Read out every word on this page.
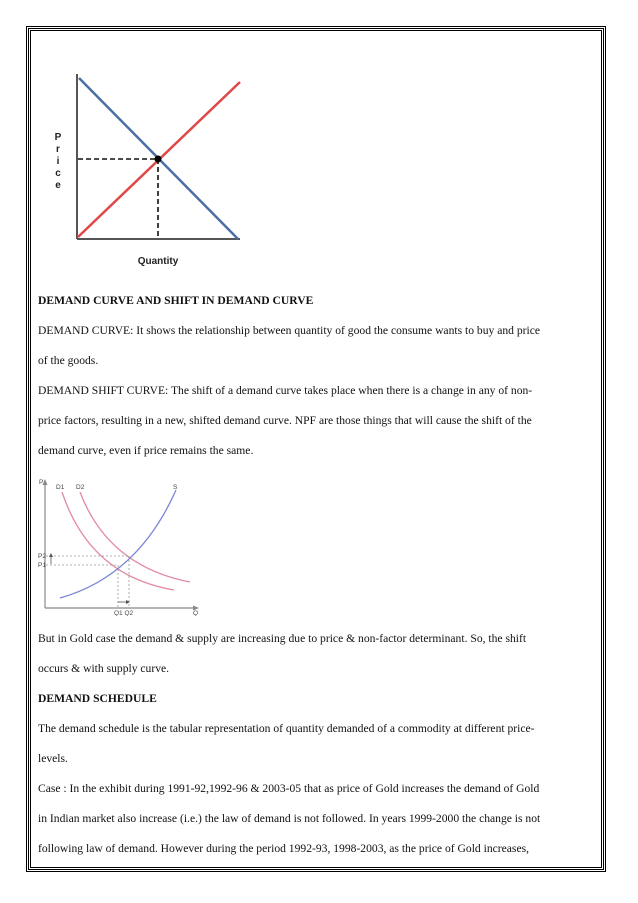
P
r
i
c
e
Quantity
P
D1 D2	S
P2
P1
Q1 Q2	Q

DEMAND CURVE AND SHIFT IN DEMAND CURVE

DEMAND CURVE: It shows the relationship between quantity of good the consume wants to buy and price

of the goods.

DEMAND SHIFT CURVE: The shift of a demand curve takes place when there is a change in any of non-

price factors, resulting in a new, shifted demand curve. NPF are those things that will cause the shift of the

demand curve, even if price remains the same.

But in Gold case the demand & supply are increasing due to price & non-factor determinant. So, the shift

occurs & with supply curve.

DEMAND SCHEDULE

The demand schedule is the tabular representation of quantity demanded of a commodity at different price-

levels.

Case : In the exhibit during 1991-92,1992-96 & 2003-05 that as price of Gold increases the demand of Gold

in Indian market also increase (i.e.) the law of demand is not followed. In years 1999-2000 the change is not

following law of demand. However during the period 1992-93, 1998-2003, as the price of Gold increases,
